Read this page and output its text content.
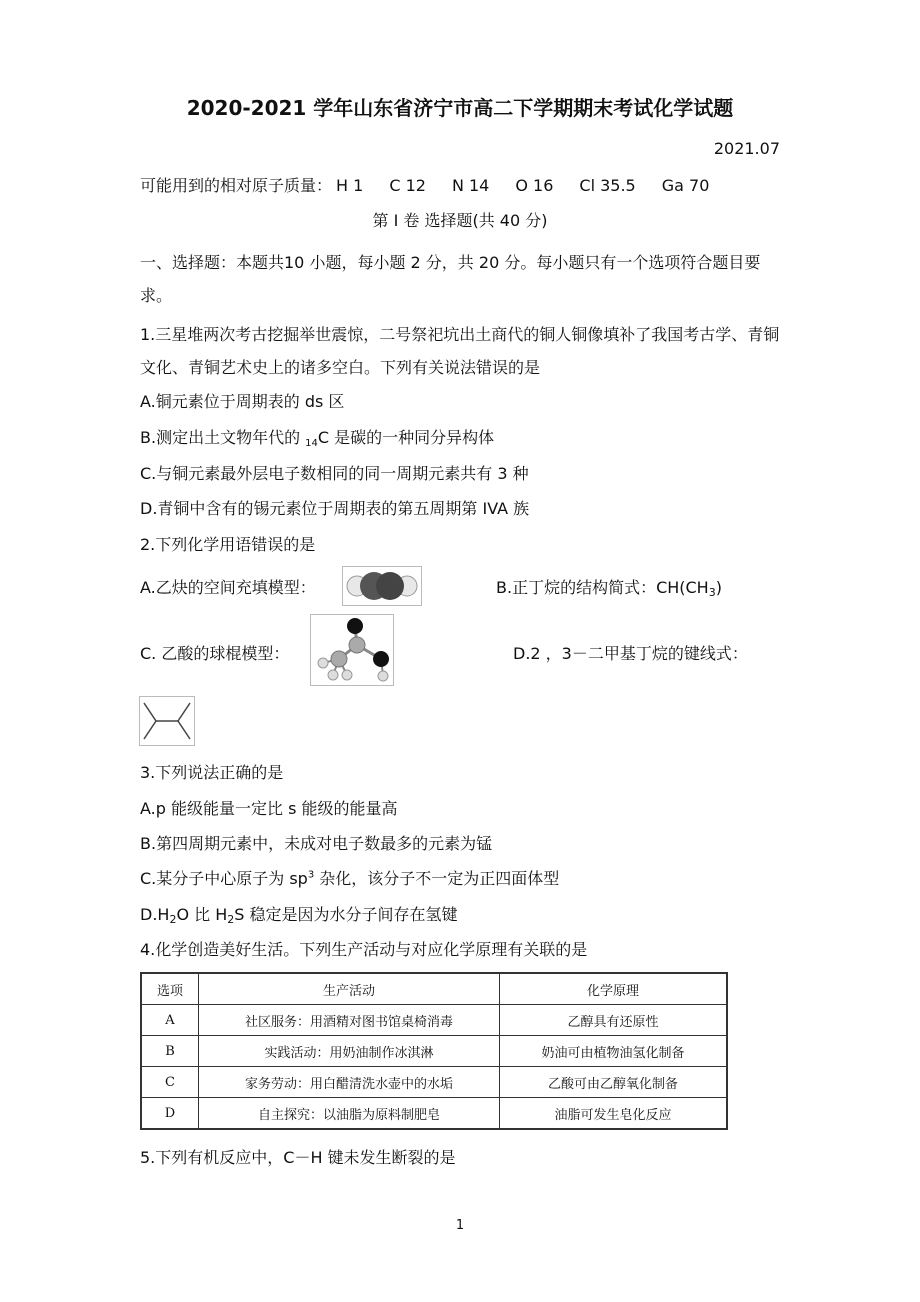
2020-2021 学年山东省济宁市高二下学期期末考试化学试题
2021.07
可能用到的相对原子质量： H 1 C 12 N 14 O 16 Cl 35.5 Ga 70
第 I 卷 选择题(共 40 分)
一、选择题：本题共10 小题，每小题 2 分，共 20 分。每小题只有一个选项符合题目要求。
1.三星堆两次考古挖掘举世震惊，二号祭祀坑出土商代的铜人铜像填补了我国考古学、青铜文化、青铜艺术史上的诸多空白。下列有关说法错误的是
A.铜元素位于周期表的 ds 区
B.测定出土文物年代的 $_{14}$C 是碳的一种同分异构体
C.与铜元素最外层电子数相同的同一周期元素共有 3 种
D.青铜中含有的锡元素位于周期表的第五周期第 IVA 族
2.下列化学用语错误的是
A.乙炔的空间充填模型：	B.正丁烷的结构简式：$CH(CH_3)$
C. 乙酸的球棍模型：	D.2 ，3－二甲基丁烷的键线式：
3.下列说法正确的是
A.p 能级能量一定比 s 能级的能量高
B.第四周期元素中，未成对电子数最多的元素为锰
C.某分子中心原子为 $sp^3$ 杂化，该分子不一定为正四面体型
$D.H_2O$ 比 $H_2S$ 稳定是因为水分子间存在氢键
4.化学创造美好生活。下列生产活动与对应化学原理有关联的是
选项	生产活动	化学原理
A	社区服务：用酒精对图书馆桌椅消毒	乙醇具有还原性
B	实践活动：用奶油制作冰淇淋	奶油可由植物油氢化制备
C	家务劳动：用白醋清洗水壶中的水垢	乙酸可由乙醇氧化制备
D	自主探究：以油脂为原料制肥皂	油脂可发生皂化反应
5.下列有机反应中，C－H 键未发生断裂的是
1
